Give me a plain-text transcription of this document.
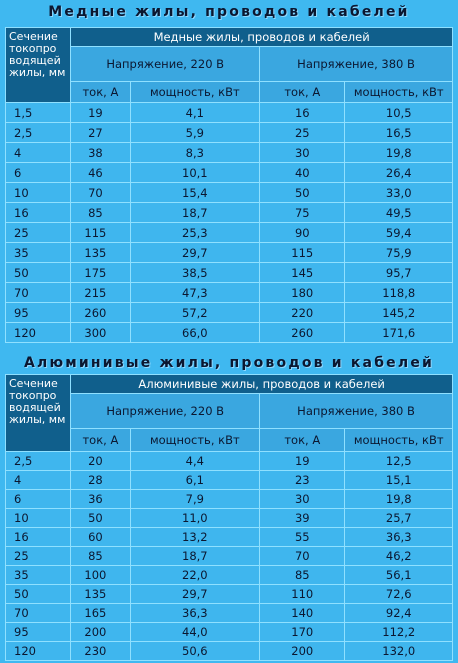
Медные жилы, проводов и кабелей
Сечение токопро водящей жилы, мм	Медные жилы, проводов и кабелей			
	Напряжение, 220 В		Напряжение, 380 В	
	ток, А	мощность, кВт	ток, А	мощность, кВт
1,5	19	4,1	16	10,5
2,5	27	5,9	25	16,5
4	38	8,3	30	19,8
6	46	10,1	40	26,4
10	70	15,4	50	33,0
16	85	18,7	75	49,5
25	115	25,3	90	59,4
35	135	29,7	115	75,9
50	175	38,5	145	95,7
70	215	47,3	180	118,8
95	260	57,2	220	145,2
120	300	66,0	260	171,6
Алюминивые жилы, проводов и кабелей
Сечение токопро водящей жилы, мм	Алюминивые жилы, проводов и кабелей			
	Напряжение, 220 В		Напряжение, 380 В	
	ток, А	мощность, кВт	ток, А	мощность, кВт
2,5	20	4,4	19	12,5
4	28	6,1	23	15,1
6	36	7,9	30	19,8
10	50	11,0	39	25,7
16	60	13,2	55	36,3
25	85	18,7	70	46,2
35	100	22,0	85	56,1
50	135	29,7	110	72,6
70	165	36,3	140	92,4
95	200	44,0	170	112,2
120	230	50,6	200	132,0
